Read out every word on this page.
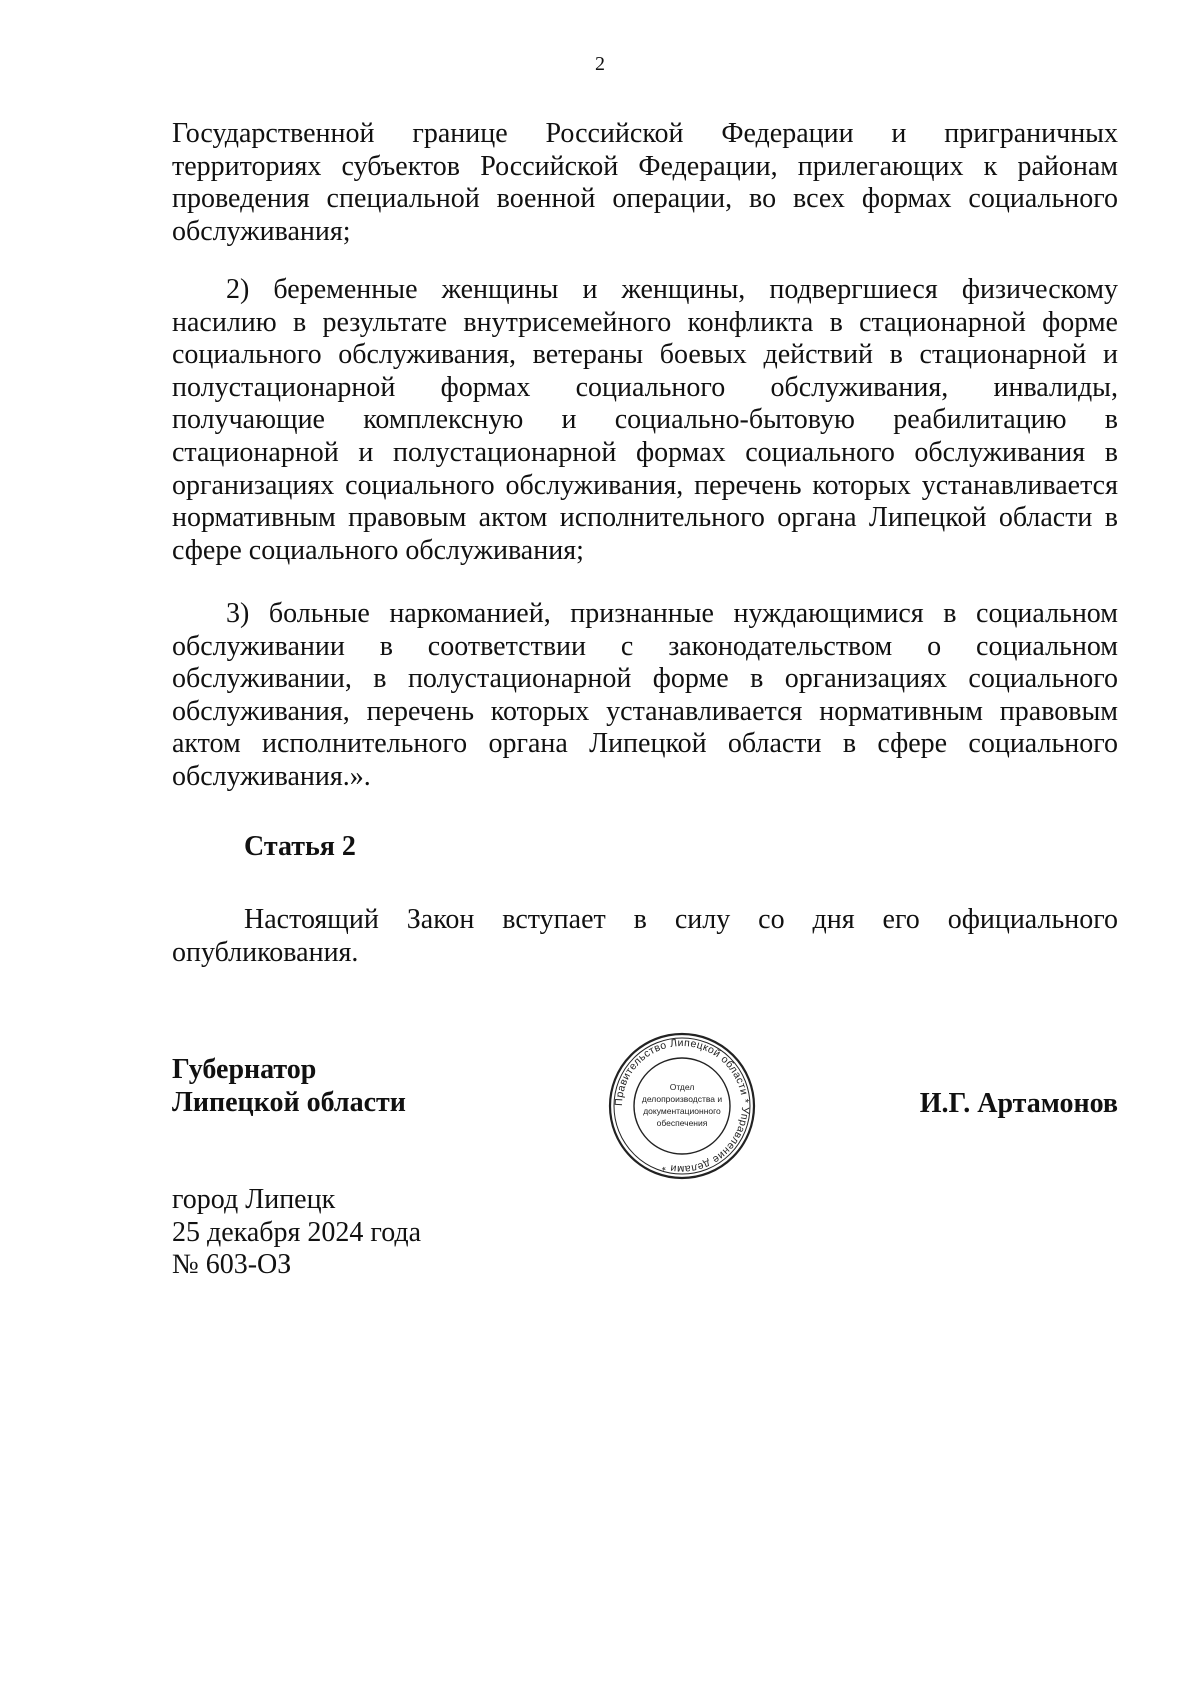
2

Государственной границе Российской Федерации и приграничных территориях субъектов Российской Федерации, прилегающих к районам проведения специальной военной операции, во всех формах социального обслуживания;

2) беременные женщины и женщины, подвергшиеся физическому насилию в результате внутрисемейного конфликта в стационарной форме социального обслуживания, ветераны боевых действий в стационарной и полустационарной формах социального обслуживания, инвалиды, получающие комплексную и социально-бытовую реабилитацию в стационарной и полустационарной формах социального обслуживания в организациях социального обслуживания, перечень которых устанавливается нормативным правовым актом исполнительного органа Липецкой области в сфере социального обслуживания;

3) больные наркоманией, признанные нуждающимися в социальном обслуживании в соответствии с законодательством о социальном обслуживании, в полустационарной форме в организациях социального обслуживания, перечень которых устанавливается нормативным правовым актом исполнительного органа Липецкой области в сфере социального обслуживания.».

Статья 2

Настоящий Закон вступает в силу со дня его официального опубликования.

Губернатор
Липецкой области	Правительство Липецкой области * Управление делами *
Отдел
делопроизводства и
документационного
обеспечения
И.Г. Артамонов
город Липецк
25 декабря 2024 года
№ 603-ОЗ
